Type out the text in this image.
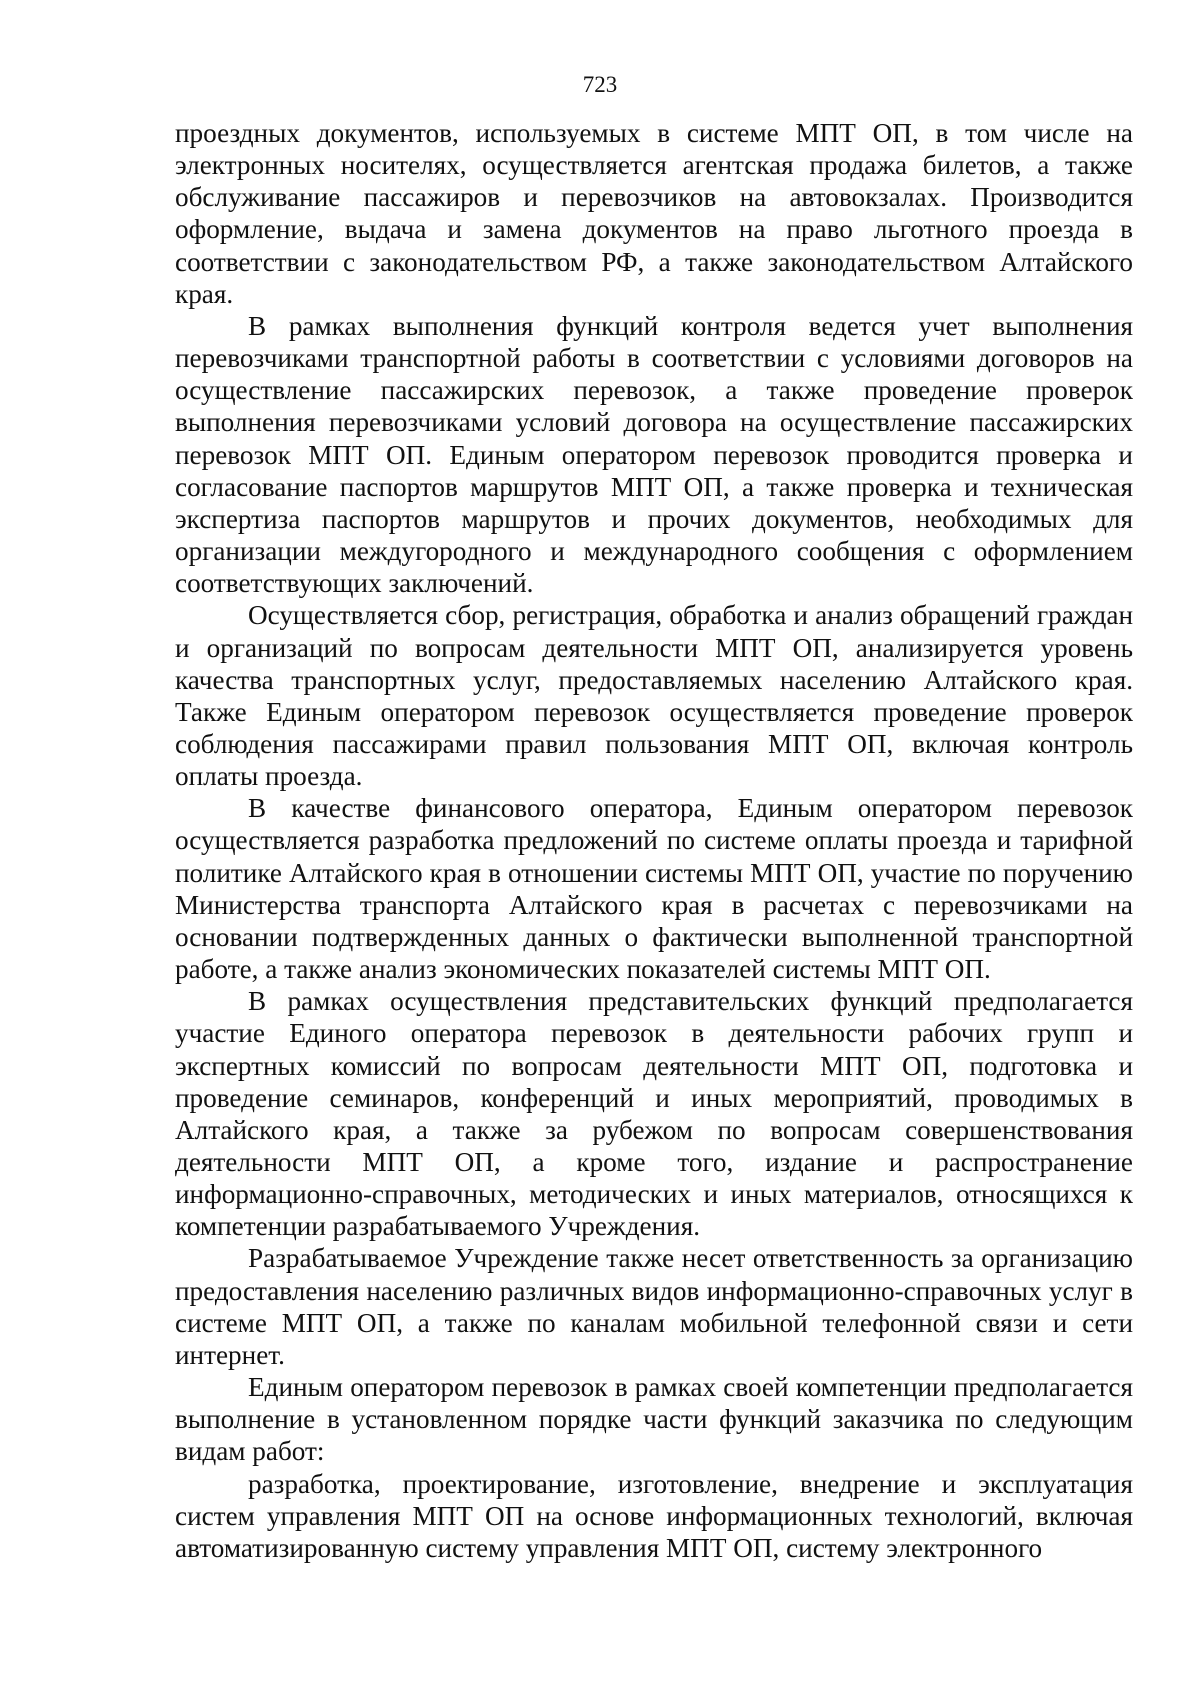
723

проездных документов, используемых в системе МПТ ОП, в том числе на электронных носителях, осуществляется агентская продажа билетов, а также обслуживание пассажиров и перевозчиков на автовокзалах. Производится оформление, выдача и замена документов на право льготного проезда в соответствии с законодательством РФ, а также законодательством Алтайского края.

В рамках выполнения функций контроля ведется учет выполнения перевозчиками транспортной работы в соответствии с условиями договоров на осуществление пассажирских перевозок, а также проведение проверок выполнения перевозчиками условий договора на осуществление пассажирских перевозок МПТ ОП. Единым оператором перевозок проводится проверка и согласование паспортов маршрутов МПТ ОП, а также проверка и техническая экспертиза паспортов маршрутов и прочих документов, необходимых для организации междугородного и международного сообщения с оформлением соответствующих заключений.

Осуществляется сбор, регистрация, обработка и анализ обращений граждан и организаций по вопросам деятельности МПТ ОП, анализируется уровень качества транспортных услуг, предоставляемых населению Алтайского края. Также Единым оператором перевозок осуществляется проведение проверок соблюдения пассажирами правил пользования МПТ ОП, включая контроль оплаты проезда.

В качестве финансового оператора, Единым оператором перевозок осуществляется разработка предложений по системе оплаты проезда и тарифной политике Алтайского края в отношении системы МПТ ОП, участие по поручению Министерства транспорта Алтайского края в расчетах с перевозчиками на основании подтвержденных данных о фактически выполненной транспортной работе, а также анализ экономических показателей системы МПТ ОП.

В рамках осуществления представительских функций предполагается участие Единого оператора перевозок в деятельности рабочих групп и экспертных комиссий по вопросам деятельности МПТ ОП, подготовка и проведение семинаров, конференций и иных мероприятий, проводимых в Алтайского края, а также за рубежом по вопросам совершенствования деятельности МПТ ОП, а кроме того, издание и распространение информационно-справочных, методических и иных материалов, относящихся к компетенции разрабатываемого Учреждения.

Разрабатываемое Учреждение также несет ответственность за организацию предоставления населению различных видов информационно-справочных услуг в системе МПТ ОП, а также по каналам мобильной телефонной связи и сети интернет.

Единым оператором перевозок в рамках своей компетенции предполагается выполнение в установленном порядке части функций заказчика по следующим видам работ:

разработка, проектирование, изготовление, внедрение и эксплуатация систем управления МПТ ОП на основе информационных технологий, включая автоматизированную систему управления МПТ ОП, систему электронного
